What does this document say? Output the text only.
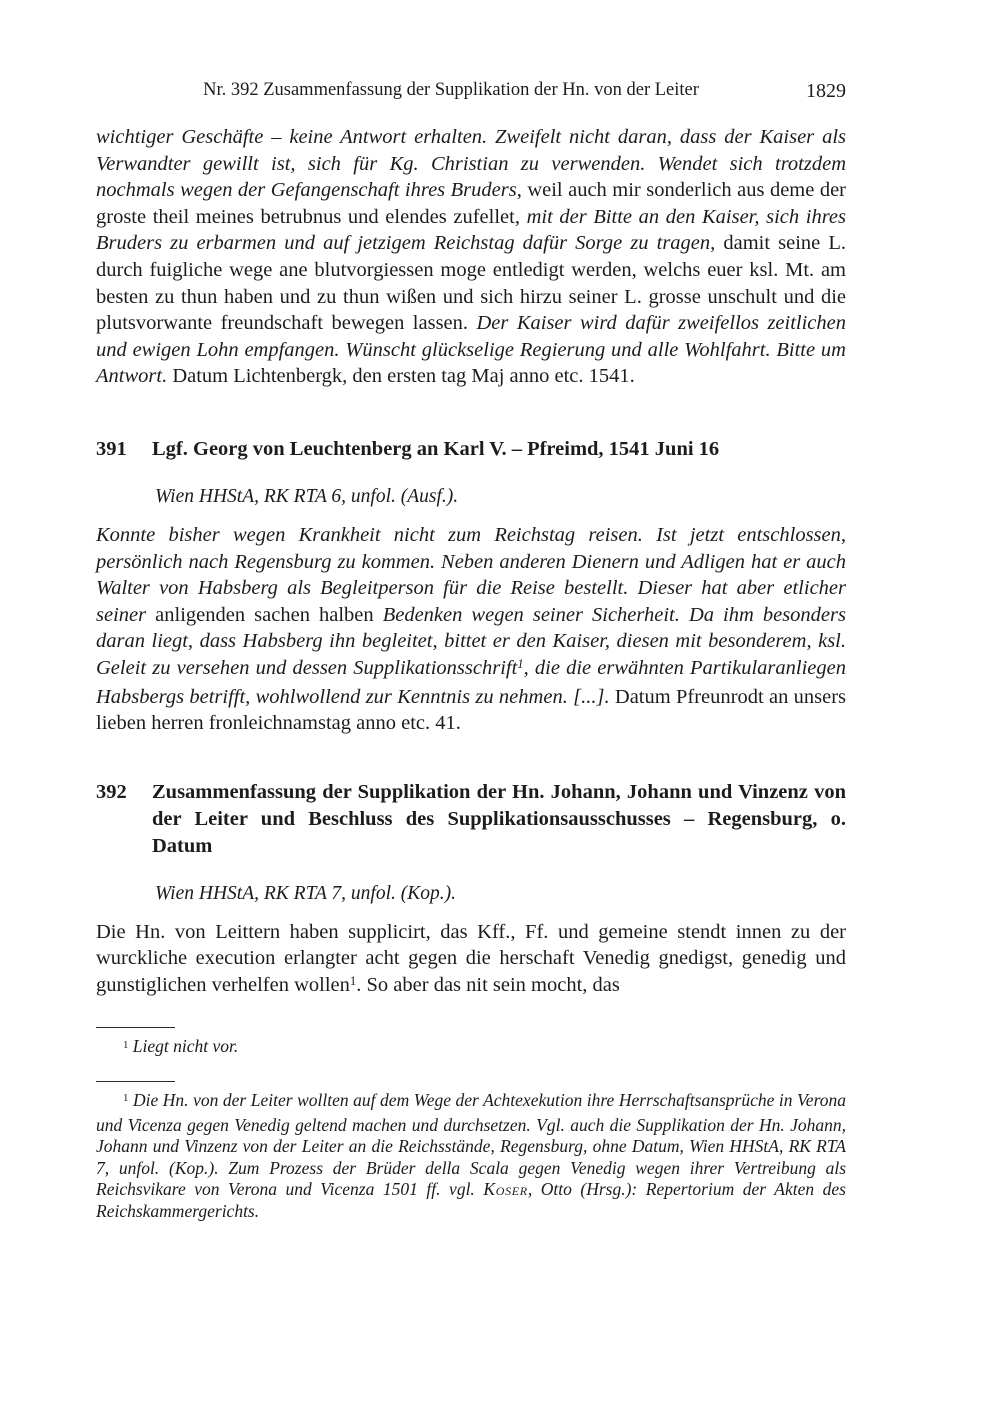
Nr. 392 Zusammenfassung der Supplikation der Hn. von der Leiter	1829

wichtiger Geschäfte – keine Antwort erhalten. Zweifelt nicht daran, dass der Kaiser als Verwandter gewillt ist, sich für Kg. Christian zu verwenden. Wendet sich trotzdem nochmals wegen der Gefangenschaft ihres Bruders, weil auch mir sonderlich aus deme der groste theil meines betrubnus und elendes zufellet, mit der Bitte an den Kaiser, sich ihres Bruders zu erbarmen und auf jetzigem Reichstag dafür Sorge zu tragen, damit seine L. durch fuigliche wege ane blutvorgiessen moge entledigt werden, welchs euer ksl. Mt. am besten zu thun haben und zu thun wißen und sich hirzu seiner L. grosse unschult und die plutsvorwante freundschaft bewegen lassen. Der Kaiser wird dafür zweifellos zeitlichen und ewigen Lohn empfangen. Wünscht glückselige Regierung und alle Wohlfahrt. Bitte um Antwort. Datum Lichtenbergk, den ersten tag Maj anno etc. 1541.

391	Lgf. Georg von Leuchtenberg an Karl V. – Pfreimd, 1541 Juni 16

Wien HHStA, RK RTA 6, unfol. (Ausf.).

Konnte bisher wegen Krankheit nicht zum Reichstag reisen. Ist jetzt entschlossen, persönlich nach Regensburg zu kommen. Neben anderen Dienern und Adligen hat er auch Walter von Habsberg als Begleitperson für die Reise bestellt. Dieser hat aber etlicher seiner anligenden sachen halben Bedenken wegen seiner Sicherheit. Da ihm besonders daran liegt, dass Habsberg ihn begleitet, bittet er den Kaiser, diesen mit besonderem, ksl. Geleit zu versehen und dessen Supplikationsschrift$^1$, die die erwähnten Partikularanliegen Habsbergs betrifft, wohlwollend zur Kenntnis zu nehmen. [...]. Datum Pfreunrodt an unsers lieben herren fronleichnamstag anno etc. 41.

392	Zusammenfassung der Supplikation der Hn. Johann, Johann und Vinzenz von der Leiter und Beschluss des Supplikationsausschusses – Regensburg, o. Datum

Wien HHStA, RK RTA 7, unfol. (Kop.).

Die Hn. von Leittern haben supplicirt, das Kff., Ff. und gemeine stendt innen zu der wurckliche execution erlangter acht gegen die herschaft Venedig gnedigst, genedig und gunstiglichen verhelfen wollen$^1$. So aber das nit sein mocht, das

$^1$ Liegt nicht vor.

$^1$ Die Hn. von der Leiter wollten auf dem Wege der Achtexekution ihre Herrschaftsansprüche in Verona und Vicenza gegen Venedig geltend machen und durchsetzen. Vgl. auch die Supplikation der Hn. Johann, Johann und Vinzenz von der Leiter an die Reichsstände, Regensburg, ohne Datum, Wien HHStA, RK RTA 7, unfol. (Kop.). Zum Prozess der Brüder della Scala gegen Venedig wegen ihrer Vertreibung als Reichsvikare von Verona und Vicenza 1501 ff. vgl. Koser, Otto (Hrsg.): Repertorium der Akten des Reichskammergerichts.
